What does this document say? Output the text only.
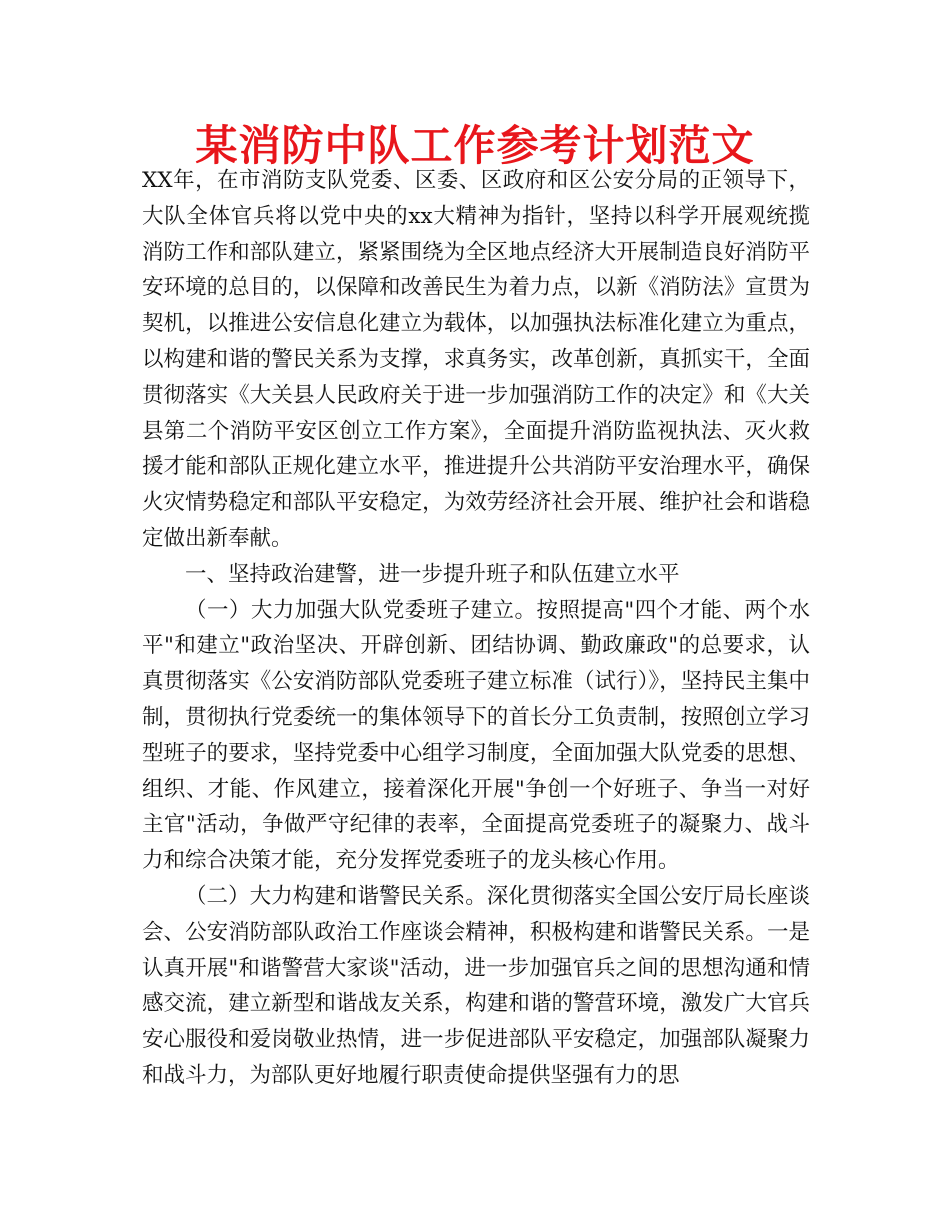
某消防中队工作参考计划范文

XX年，在市消防支队党委、区委、区政府和区公安分局的正领导下，大队全体官兵将以党中央的xx大精神为指针，坚持以科学开展观统揽消防工作和部队建立，紧紧围绕为全区地点经济大开展制造良好消防平安环境的总目的，以保障和改善民生为着力点，以新《消防法》宣贯为契机，以推进公安信息化建立为载体，以加强执法标准化建立为重点，以构建和谐的警民关系为支撑，求真务实，改革创新，真抓实干，全面贯彻落实《大关县人民政府关于进一步加强消防工作的决定》和《大关县第二个消防平安区创立工作方案》，全面提升消防监视执法、灭火救援才能和部队正规化建立水平，推进提升公共消防平安治理水平，确保火灾情势稳定和部队平安稳定，为效劳经济社会开展、维护社会和谐稳定做出新奉献。

一、坚持政治建警，进一步提升班子和队伍建立水平

（一）大力加强大队党委班子建立。按照提高"四个才能、两个水平"和建立"政治坚决、开辟创新、团结协调、勤政廉政"的总要求，认真贯彻落实《公安消防部队党委班子建立标准（试行）》，坚持民主集中制，贯彻执行党委统一的集体领导下的首长分工负责制，按照创立学习型班子的要求，坚持党委中心组学习制度，全面加强大队党委的思想、组织、才能、作风建立，接着深化开展"争创一个好班子、争当一对好主官"活动，争做严守纪律的表率，全面提高党委班子的凝聚力、战斗力和综合决策才能，充分发挥党委班子的龙头核心作用。

（二）大力构建和谐警民关系。深化贯彻落实全国公安厅局长座谈会、公安消防部队政治工作座谈会精神，积极构建和谐警民关系。一是认真开展"和谐警营大家谈"活动，进一步加强官兵之间的思想沟通和情感交流，建立新型和谐战友关系，构建和谐的警营环境，激发广大官兵安心服役和爱岗敬业热情，进一步促进部队平安稳定，加强部队凝聚力和战斗力，为部队更好地履行职责使命提供坚强有力的思
